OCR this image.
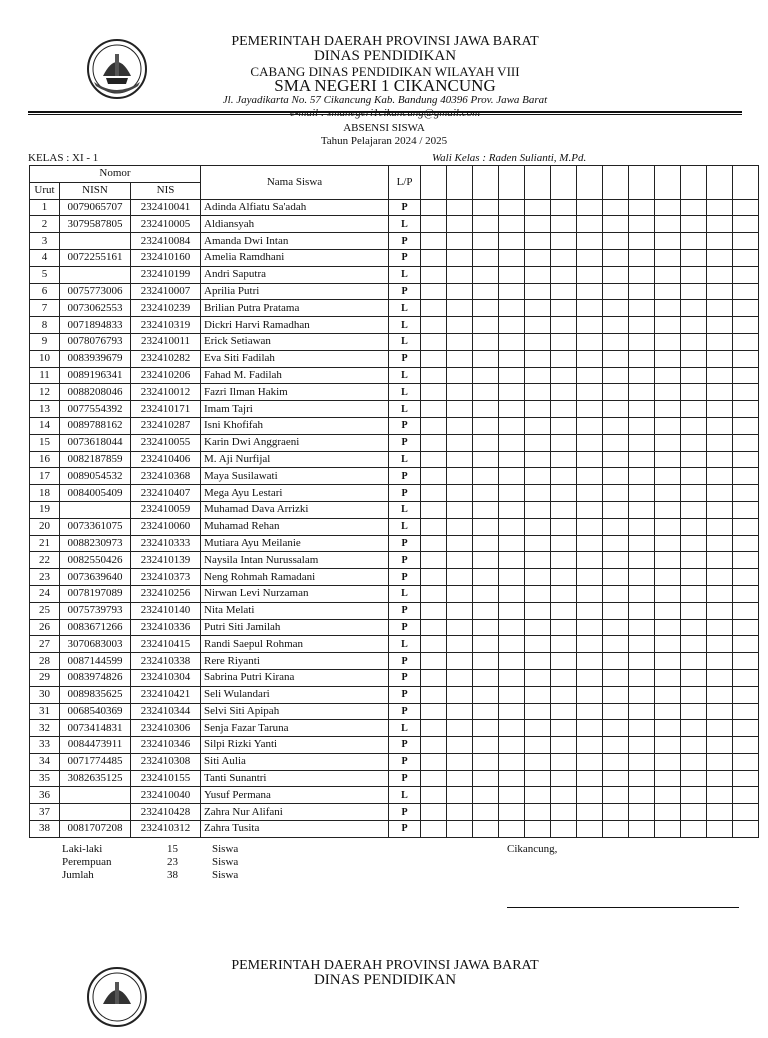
PEMERINTAH DAERAH PROVINSI JAWA BARAT
DINAS PENDIDIKAN
CABANG DINAS PENDIDIKAN WILAYAH VIII
SMA NEGERI 1 CIKANCUNG
Jl. Jayadikarta No. 57 Cikancung Kab. Bandung 40396 Prov. Jawa Barat
e-mail : smanegeri1cikancung@gmail.com
ABSENSI SISWA
Tahun Pelajaran 2024 / 2025
KELAS : XI - 1	Wali Kelas : Raden Sulianti, M.Pd.
Nomor			Nama Siswa	L/P													
Urut	NISN	NIS															
1	0079065707	232410041	Adinda Alfiatu Sa'adah	P													
2	3079587805	232410005	Aldiansyah	L													
3		232410084	Amanda Dwi Intan	P													
4	0072255161	232410160	Amelia Ramdhani	P													
5		232410199	Andri Saputra	L													
6	0075773006	232410007	Aprilia Putri	P													
7	0073062553	232410239	Brilian Putra Pratama	L													
8	0071894833	232410319	Dickri Harvi Ramadhan	L													
9	0078076793	232410011	Erick Setiawan	L													
10	0083939679	232410282	Eva Siti Fadilah	P													
11	0089196341	232410206	Fahad M. Fadilah	L													
12	0088208046	232410012	Fazri Ilman Hakim	L													
13	0077554392	232410171	Imam Tajri	L													
14	0089788162	232410287	Isni Khofifah	P													
15	0073618044	232410055	Karin Dwi Anggraeni	P													
16	0082187859	232410406	M. Aji Nurfijal	L													
17	0089054532	232410368	Maya Susilawati	P													
18	0084005409	232410407	Mega Ayu Lestari	P													
19		232410059	Muhamad Dava Arrizki	L													
20	0073361075	232410060	Muhamad Rehan	L													
21	0088230973	232410333	Mutiara Ayu Meilanie	P													
22	0082550426	232410139	Naysila Intan Nurussalam	P													
23	0073639640	232410373	Neng Rohmah Ramadani	P													
24	0078197089	232410256	Nirwan Levi Nurzaman	L													
25	0075739793	232410140	Nita Melati	P													
26	0083671266	232410336	Putri Siti Jamilah	P													
27	3070683003	232410415	Randi Saepul Rohman	L													
28	0087144599	232410338	Rere Riyanti	P													
29	0083974826	232410304	Sabrina Putri Kirana	P													
30	0089835625	232410421	Seli Wulandari	P													
31	0068540369	232410344	Selvi Siti Apipah	P													
32	0073414831	232410306	Senja Fazar Taruna	L													
33	0084473911	232410346	Silpi Rizki Yanti	P													
34	0071774485	232410308	Siti Aulia	P													
35	3082635125	232410155	Tanti Sunantri	P													
36		232410040	Yusuf Permana	L													
37		232410428	Zahra Nur Alifani	P													
38	0081707208	232410312	Zahra Tusita	P													
Laki-laki	15	Siswa
Perempuan	23	Siswa
Jumlah	38	Siswa
Cikancung,
PEMERINTAH DAERAH PROVINSI JAWA BARAT
DINAS PENDIDIKAN
